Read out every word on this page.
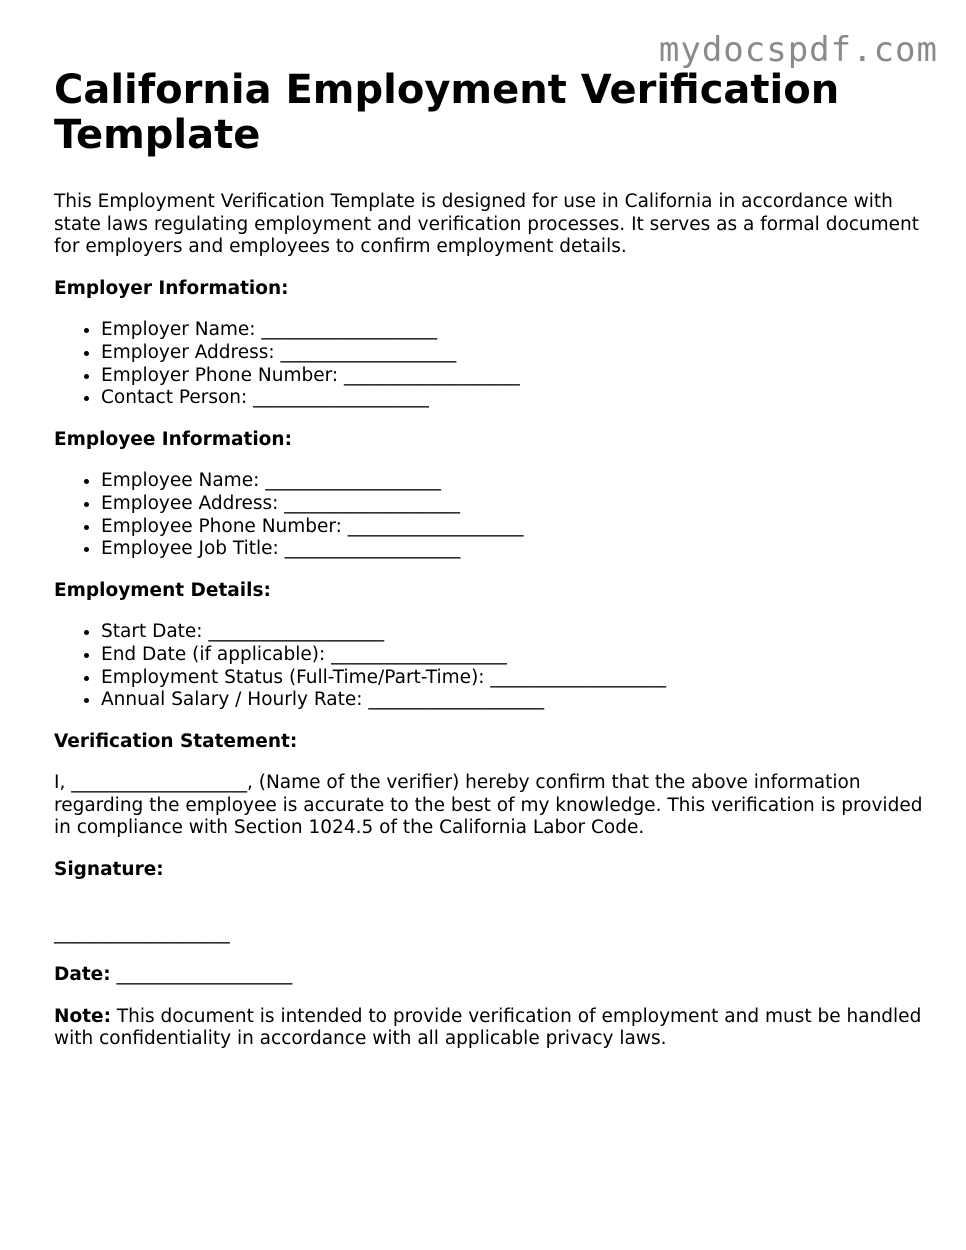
mydocspdf.com
California Employment Verification Template

This Employment Verification Template is designed for use in California in accordance with state laws regulating employment and verification processes. It serves as a formal document for employers and employees to confirm employment details.

Employer Information:
• Employer Name: ___________________
• Employer Address: ___________________
• Employer Phone Number: ___________________
• Contact Person: ___________________
Employee Information:
• Employee Name: ___________________
• Employee Address: ___________________
• Employee Phone Number: ___________________
• Employee Job Title: ___________________
Employment Details:
• Start Date: ___________________
• End Date (if applicable): ___________________
• Employment Status (Full-Time/Part-Time): ___________________
• Annual Salary / Hourly Rate: ___________________
Verification Statement:

I, ___________________, (Name of the verifier) hereby confirm that the above information regarding the employee is accurate to the best of my knowledge. This verification is provided in compliance with Section 1024.5 of the California Labor Code.

Signature:

___________________

Date: ___________________

Note: This document is intended to provide verification of employment and must be handled with confidentiality in accordance with all applicable privacy laws.
